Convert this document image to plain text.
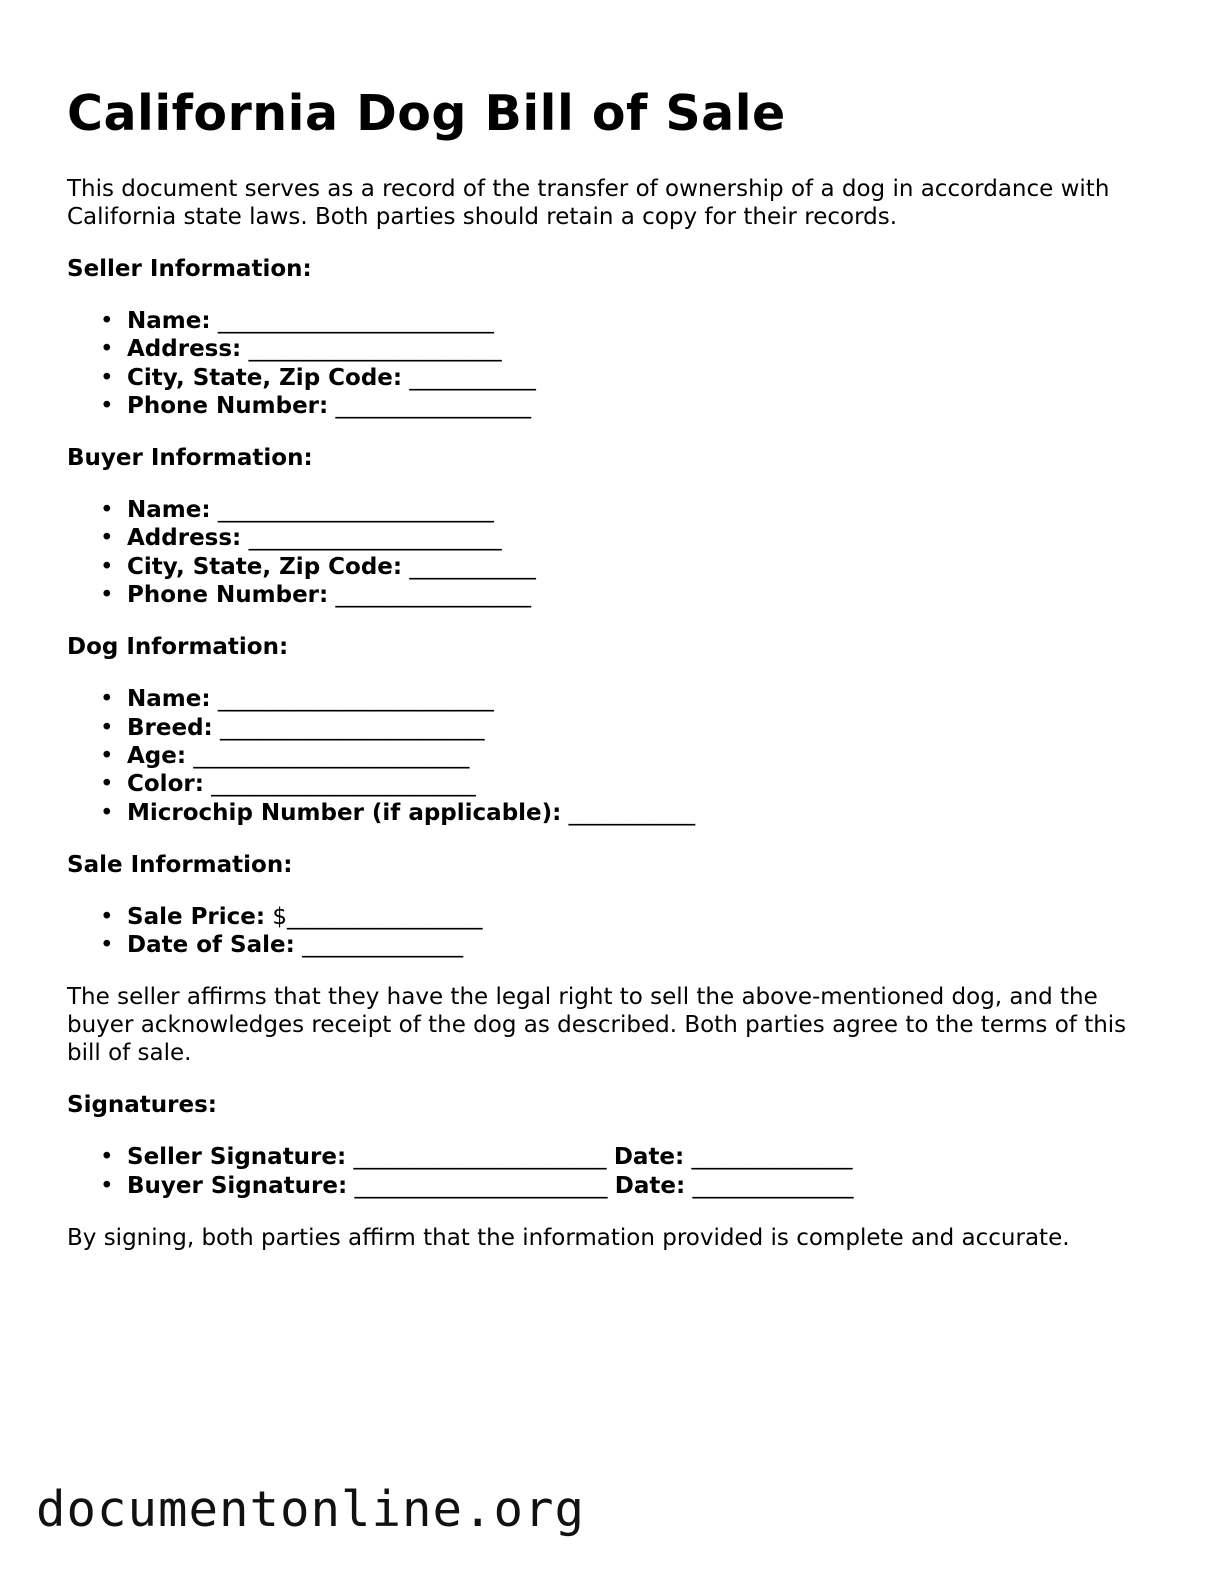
California Dog Bill of Sale

This document serves as a record of the transfer of ownership of a dog in accordance with California state laws. Both parties should retain a copy for their records.

Seller Information:
• Name: ________________________
• Address: ______________________
• City, State, Zip Code: ___________
• Phone Number: _________________
Buyer Information:
• Name: ________________________
• Address: ______________________
• City, State, Zip Code: ___________
• Phone Number: _________________
Dog Information:
• Name: ________________________
• Breed: _______________________
• Age: ________________________
• Color: _______________________
• Microchip Number (if applicable): ___________
Sale Information:
• Sale Price: $_________________
• Date of Sale: ______________

The seller affirms that they have the legal right to sell the above-mentioned dog, and the buyer acknowledges receipt of the dog as described. Both parties agree to the terms of this bill of sale.

Signatures:
• Seller Signature: ______________________ Date: ______________
• Buyer Signature: ______________________ Date: ______________

By signing, both parties affirm that the information provided is complete and accurate.

documentonline.org
